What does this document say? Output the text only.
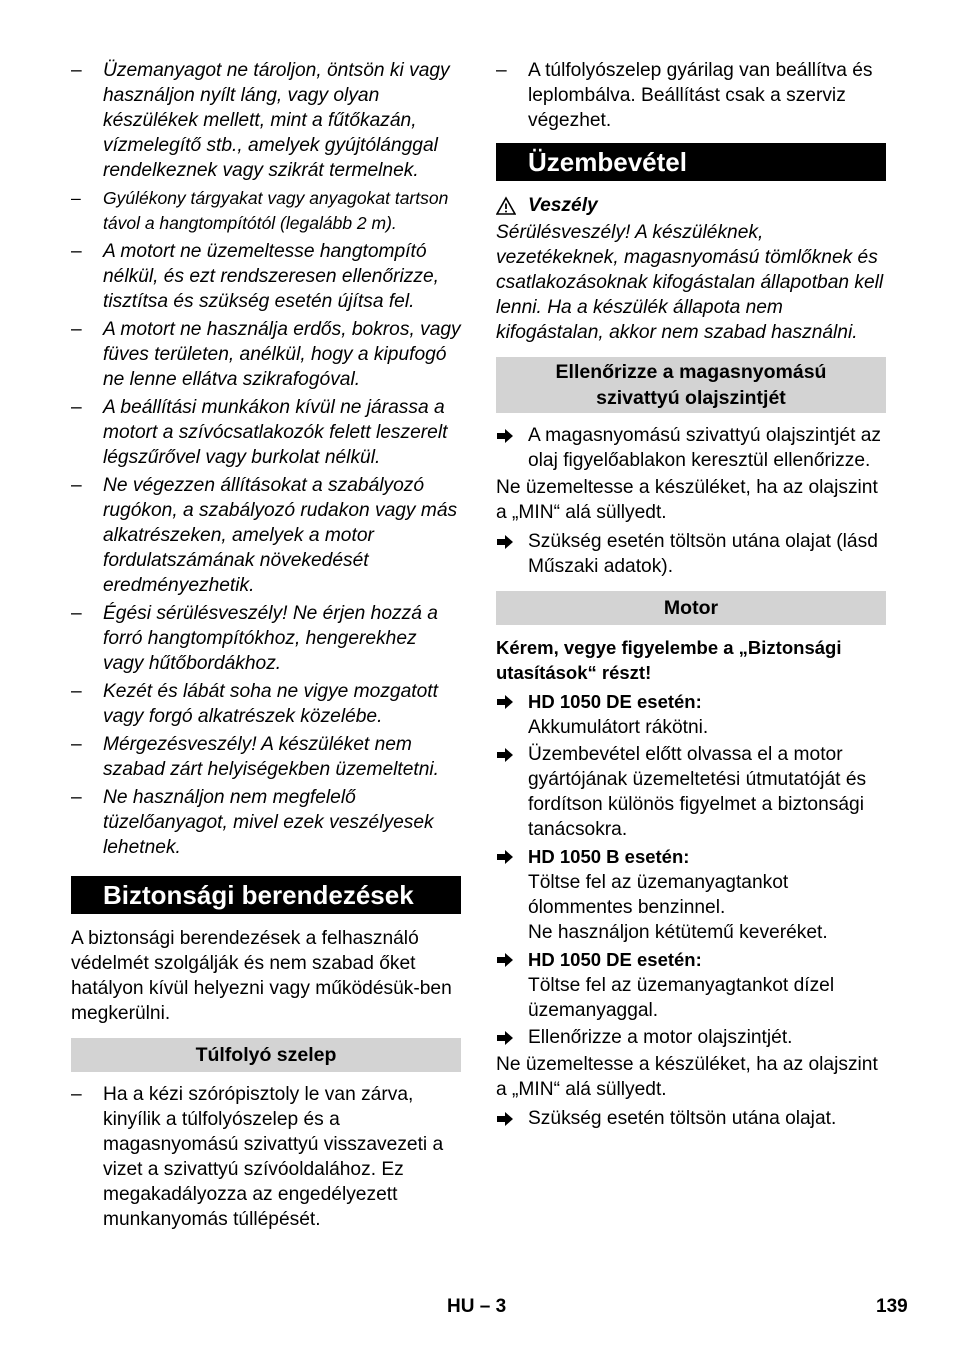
– Üzemanyagot ne tároljon, öntsön ki vagy használjon nyílt láng, vagy olyan készülékek mellett, mint a fűtőkazán, vízmelegítő stb., amelyek gyújtólánggal rendelkeznek vagy szikrát termelnek.
– Gyúlékony tárgyakat vagy anyagokat tartson távol a hangtompítótól (legalább 2 m).
– A motort ne üzemeltesse hangtompító nélkül, és ezt rendszeresen ellenőrizze, tisztítsa és szükség esetén újítsa fel.
– A motort ne használja erdős, bokros, vagy füves területen, anélkül, hogy a kipufogó ne lenne ellátva szikrafogóval.
– A beállítási munkákon kívül ne járassa a motort a szívócsatlakozók felett leszerelt légszűrővel vagy burkolat nélkül.
– Ne végezzen állításokat a szabályozó rugókon, a szabályozó rudakon vagy más alkatrészeken, amelyek a motor fordulatszámának növekedését eredményezhetik.
– Égési sérülésveszély! Ne érjen hozzá a forró hangtompítókhoz, hengerekhez vagy hűtőbordákhoz.
– Kezét és lábát soha ne vigye mozgatott vagy forgó alkatrészek közelébe.
– Mérgezésveszély! A készüléket nem szabad zárt helyiségekben üzemeltetni.
– Ne használjon nem megfelelő tüzelőanyagot, mivel ezek veszélyesek lehetnek.
Biztonsági berendezések

A biztonsági berendezések a felhasználó védelmét szolgálják és nem szabad őket hatályon kívül helyezni vagy működésük-ben megkerülni.

Túlfolyó szelep
– Ha a kézi szórópisztoly le van zárva, kinyílik a túlfolyószelep és a magasnyomású szivattyú visszavezeti a vizet a szivattyú szívóoldalához. Ez megakadályozza az engedélyezett munkanyomás túllépését.
– A túlfolyószelep gyárilag van beállítva és leplombálva. Beállítást csak a szerviz végezhet.
Üzembevétel
Veszély

Sérülésveszély! A készüléknek, vezetékeknek, magasnyomású tömlőknek és csatlakozásoknak kifogástalan állapotban kell lenni. Ha a készülék állapota nem kifogástalan, akkor nem szabad használni.

Ellenőrizze a magasnyomású szivattyú olajszintjét
A magasnyomású szivattyú olajszintjét az olaj figyelőablakon keresztül ellenőrizze.

Ne üzemeltesse a készüléket, ha az olajszint a „MIN“ alá süllyedt.

Szükség esetén töltsön utána olajat (lásd Műszaki adatok).
Motor

Kérem, vegye figyelembe a „Biztonsági utasítások“ részt!

HD 1050 DE esetén:
Akkumulátort rákötni.
Üzembevétel előtt olvassa el a motor gyártójának üzemeltetési útmutatóját és fordítson különös figyelmet a biztonsági tanácsokra.
HD 1050 B esetén:
Töltse fel az üzemanyagtankot ólommentes benzinnel.
Ne használjon kétütemű keveréket.
HD 1050 DE esetén:
Töltse fel az üzemanyagtankot dízel üzemanyaggal.
Ellenőrizze a motor olajszintjét.

Ne üzemeltesse a készüléket, ha az olajszint a „MIN“ alá süllyedt.

Szükség esetén töltsön utána olajat.
HU – 3	139
